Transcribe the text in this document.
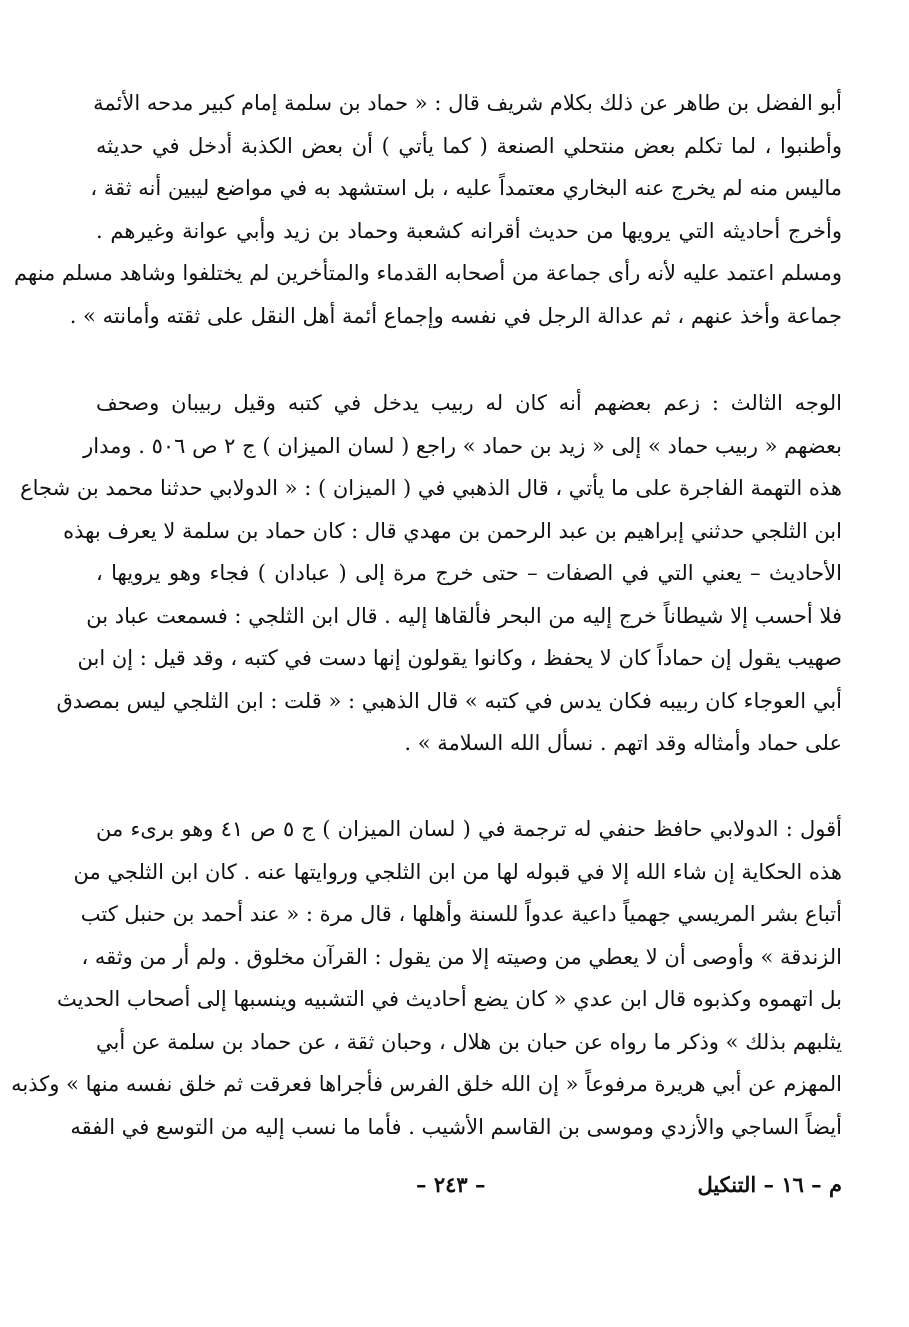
أبو الفضل بن طاهر عن ذلك بكلام شريف قال : « حماد بن سلمة إمام كبير مدحه الأئمة
وأطنبوا ، لما تكلم بعض منتحلي الصنعة ( كما يأتي ) أن بعض الكذبة أدخل في حديثه
ماليس منه لم يخرج عنه البخاري معتمداً عليه ، بل استشهد به في مواضع ليبين أنه ثقة ،
وأخرج أحاديثه التي يرويها من حديث أقرانه كشعبة وحماد بن زيد وأبي عوانة وغيرهم .
ومسلم اعتمد عليه لأنه رأى جماعة من أصحابه القدماء والمتأخرين لم يختلفوا وشاهد مسلم منهم
جماعة وأخذ عنهم ، ثم عدالة الرجل في نفسه وإجماع أئمة أهل النقل على ثقته وأمانته » .
الوجه الثالث : زعم بعضهم أنه كان له ربيب يدخل في كتبه وقيل ربيبان وصحف
بعضهم « ربيب حماد » إلى « زيد بن حماد » راجع ( لسان الميزان ) ج ٢ ص ٥٠٦ . ومدار
هذه التهمة الفاجرة على ما يأتي ، قال الذهبي في ( الميزان ) : « الدولابي حدثنا محمد بن شجاع
ابن الثلجي حدثني إبراهيم بن عبد الرحمن بن مهدي قال : كان حماد بن سلمة لا يعرف بهذه
الأحاديث – يعني التي في الصفات – حتى خرج مرة إلى ( عبادان ) فجاء وهو يرويها ،
فلا أحسب إلا شيطاناً خرج إليه من البحر فألقاها إليه . قال ابن الثلجي : فسمعت عباد بن
صهيب يقول إن حماداً كان لا يحفظ ، وكانوا يقولون إنها دست في كتبه ، وقد قيل : إن ابن
أبي العوجاء كان ربيبه فكان يدس في كتبه » قال الذهبي : « قلت : ابن الثلجي ليس بمصدق
على حماد وأمثاله وقد اتهم . نسأل الله السلامة » .
أقول : الدولابي حافظ حنفي له ترجمة في ( لسان الميزان ) ج ٥ ص ٤١ وهو برىء من
هذه الحكاية إن شاء الله إلا في قبوله لها من ابن الثلجي وروايتها عنه . كان ابن الثلجي من
أتباع بشر المريسي جهمياً داعية عدواً للسنة وأهلها ، قال مرة : « عند أحمد بن حنبل كتب
الزندقة » وأوصى أن لا يعطي من وصيته إلا من يقول : القرآن مخلوق . ولم أر من وثقه ،
بل اتهموه وكذبوه قال ابن عدي « كان يضع أحاديث في التشبيه وينسبها إلى أصحاب الحديث
يثلبهم بذلك » وذكر ما رواه عن حبان بن هلال ، وحبان ثقة ، عن حماد بن سلمة عن أبي
المهزم عن أبي هريرة مرفوعاً « إن الله خلق الفرس فأجراها فعرقت ثم خلق نفسه منها » وكذبه
أيضاً الساجي والأزدي وموسى بن القاسم الأشيب . فأما ما نسب إليه من التوسع في الفقه
م – ١٦ – التنكيل
– ٢٤٣ –
